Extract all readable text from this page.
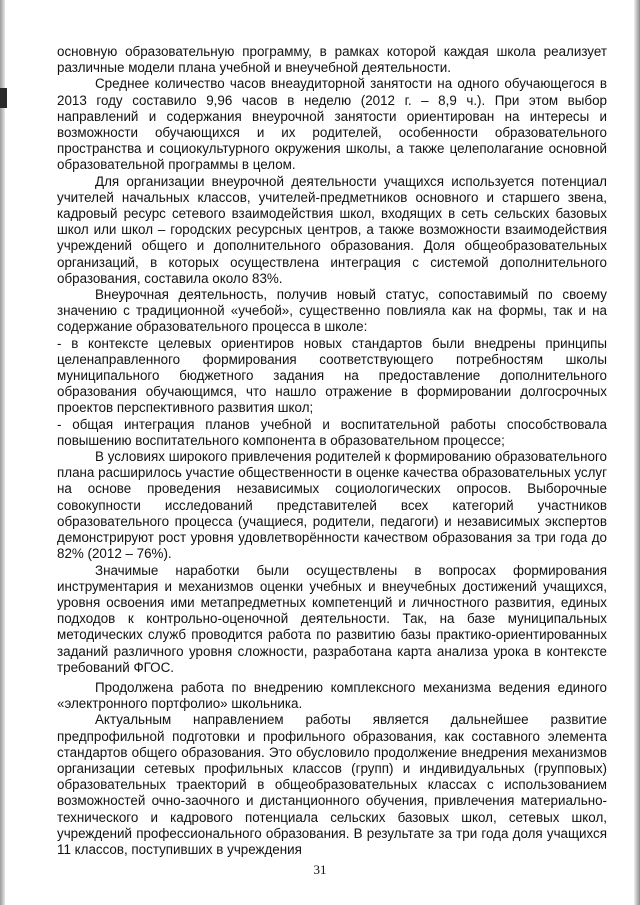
основную образовательную программу, в рамках которой каждая школа реализует различные модели плана учебной и внеучебной деятельности.

Среднее количество часов внеаудиторной занятости на одного обучающегося в 2013 году составило 9,96 часов в неделю (2012 г. – 8,9 ч.). При этом выбор направлений и содержания внеурочной занятости ориентирован на интересы и возможности обучающихся и их родителей, особенности образовательного пространства и социокультурного окружения школы, а также целеполагание основной образовательной программы в целом.

Для организации внеурочной деятельности учащихся используется потенциал учителей начальных классов, учителей-предметников основного и старшего звена, кадровый ресурс сетевого взаимодействия школ, входящих в сеть сельских базовых школ или школ – городских ресурсных центров, а также возможности взаимодействия учреждений общего и дополнительного образования. Доля общеобразовательных организаций, в которых осуществлена интеграция с системой дополнительного образования, составила около 83%.

Внеурочная деятельность, получив новый статус, сопоставимый по своему значению с традиционной «учебой», существенно повлияла как на формы, так и на содержание образовательного процесса в школе:

- в контексте целевых ориентиров новых стандартов были внедрены принципы целенаправленного формирования соответствующего потребностям школы муниципального бюджетного задания на предоставление дополнительного образования обучающимся, что нашло отражение в формировании долгосрочных проектов перспективного развития школ;

- общая интеграция планов учебной и воспитательной работы способствовала повышению воспитательного компонента в образовательном процессе;

В условиях широкого привлечения родителей к формированию образовательного плана расширилось участие общественности в оценке качества образовательных услуг на основе проведения независимых социологических опросов. Выборочные совокупности исследований представителей всех категорий участников образовательного процесса (учащиеся, родители, педагоги) и независимых экспертов демонстрируют рост уровня удовлетворённости качеством образования за три года до 82% (2012 – 76%).

Значимые наработки были осуществлены в вопросах формирования инструментария и механизмов оценки учебных и внеучебных достижений учащихся, уровня освоения ими метапредметных компетенций и личностного развития, единых подходов к контрольно-оценочной деятельности. Так, на базе муниципальных методических служб проводится работа по развитию базы практико-ориентированных заданий различного уровня сложности, разработана карта анализа урока в контексте требований ФГОС.

Продолжена работа по внедрению комплексного механизма ведения единого «электронного портфолио» школьника.

Актуальным направлением работы является дальнейшее развитие предпрофильной подготовки и профильного образования, как составного элемента стандартов общего образования. Это обусловило продолжение внедрения механизмов организации сетевых профильных классов (групп) и индивидуальных (групповых) образовательных траекторий в общеобразовательных классах с использованием возможностей очно-заочного и дистанционного обучения, привлечения материально-технического и кадрового потенциала сельских базовых школ, сетевых школ, учреждений профессионального образования. В результате за три года доля учащихся 11 классов, поступивших в учреждения

31
